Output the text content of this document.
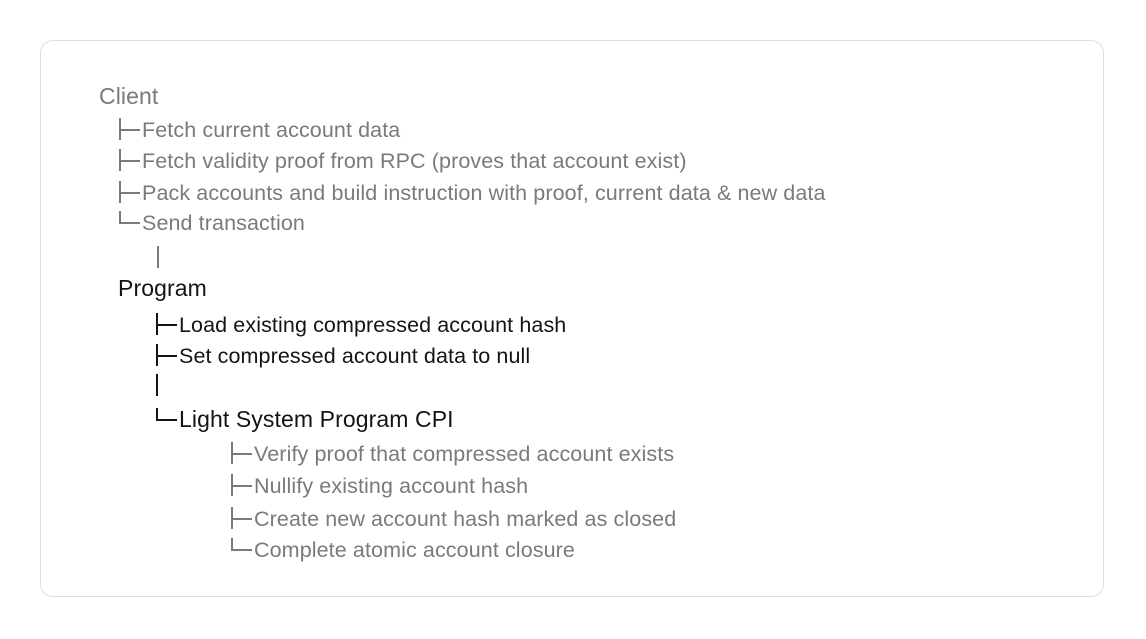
Client
Fetch current account data
Fetch validity proof from RPC (proves that account exist)
Pack accounts and build instruction with proof, current data & new data
Send transaction
Program
Load existing compressed account hash
Set compressed account data to null
Light System Program CPI
Verify proof that compressed account exists
Nullify existing account hash
Create new account hash marked as closed
Complete atomic account closure
